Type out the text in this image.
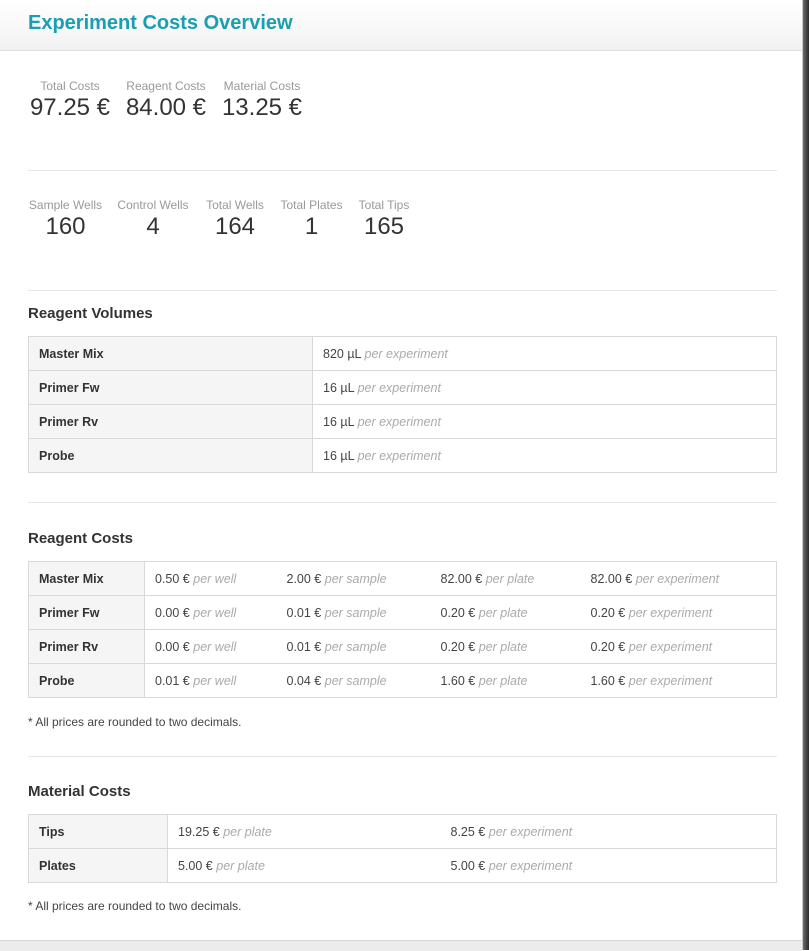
Experiment Costs Overview
Total Costs
97.25 €
Reagent Costs
84.00 €
Material Costs
13.25 €
Sample Wells
160
Control Wells
4
Total Wells
164
Total Plates
1
Total Tips
165
Reagent Volumes
Master Mix	820 µL per experiment
Primer Fw	16 µL per experiment
Primer Rv	16 µL per experiment
Probe	16 µL per experiment
Reagent Costs
Master Mix	0.50 € per well	2.00 € per sample	82.00 € per plate	82.00 € per experiment
Primer Fw	0.00 € per well	0.01 € per sample	0.20 € per plate	0.20 € per experiment
Primer Rv	0.00 € per well	0.01 € per sample	0.20 € per plate	0.20 € per experiment
Probe	0.01 € per well	0.04 € per sample	1.60 € per plate	1.60 € per experiment
* All prices are rounded to two decimals.
Material Costs
Tips	19.25 € per plate	8.25 € per experiment
Plates	5.00 € per plate	5.00 € per experiment
* All prices are rounded to two decimals.
